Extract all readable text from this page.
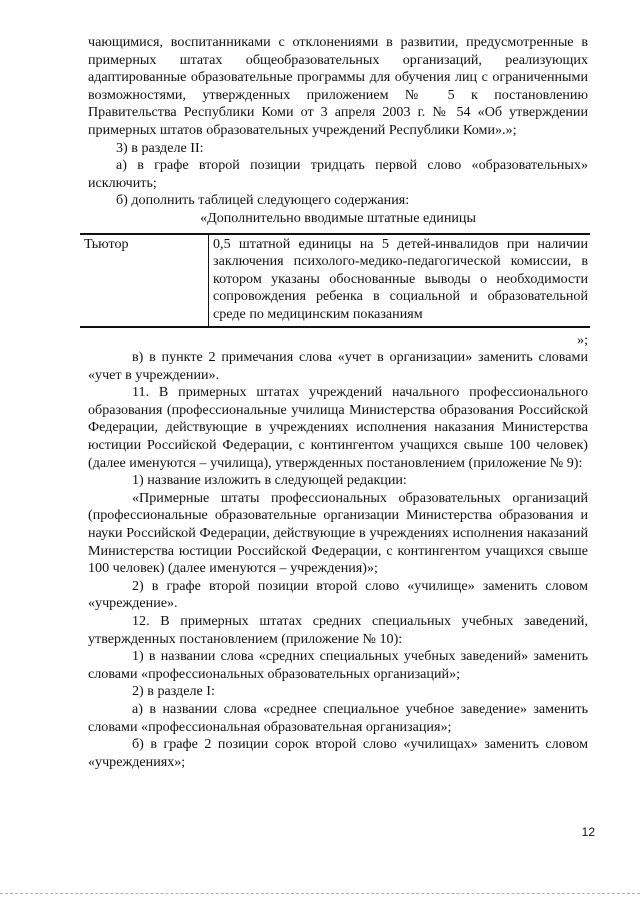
чающимися, воспитанниками с отклонениями в развитии, предусмотренные в примерных штатах общеобразовательных организаций, реализующих адаптированные образовательные программы для обучения лиц с ограниченными возможностями, утвержденных приложением № 5 к постановлению Правительства Республики Коми от 3 апреля 2003 г. № 54 «Об утверждении примерных штатов образовательных учреждений Республики Коми».»;

3) в разделе II:

а) в графе второй позиции тридцать первой слово «образовательных» исключить;

б) дополнить таблицей следующего содержания:

«Дополнительно вводимые штатные единицы

Тьютор	0,5 штатной единицы на 5 детей-инвалидов при наличии заключения психолого-медико-педагогической комиссии, в котором указаны обоснованные выводы о необходимости сопровождения ребенка в социальной и образовательной среде по медицинским показаниям

»;

в) в пункте 2 примечания слова «учет в организации» заменить словами «учет в учреждении».

11. В примерных штатах учреждений начального профессионального образования (профессиональные училища Министерства образования Российской Федерации, действующие в учреждениях исполнения наказания Министерства юстиции Российской Федерации, с контингентом учащихся свыше 100 человек) (далее именуются – училища), утвержденных постановлением (приложение № 9):

1) название изложить в следующей редакции:

«Примерные штаты профессиональных образовательных организаций (профессиональные образовательные организации Министерства образования и науки Российской Федерации, действующие в учреждениях исполнения наказаний Министерства юстиции Российской Федерации, с контингентом учащихся свыше 100 человек) (далее именуются – учреждения)»;

2) в графе второй позиции второй слово «училище» заменить словом «учреждение».

12. В примерных штатах средних специальных учебных заведений, утвержденных постановлением (приложение № 10):

1) в названии слова «средних специальных учебных заведений» заменить словами «профессиональных образовательных организаций»;

2) в разделе I:

а) в названии слова «среднее специальное учебное заведение» заменить словами «профессиональная образовательная организация»;

б) в графе 2 позиции сорок второй слово «училищах» заменить словом «учреждениях»;

12
